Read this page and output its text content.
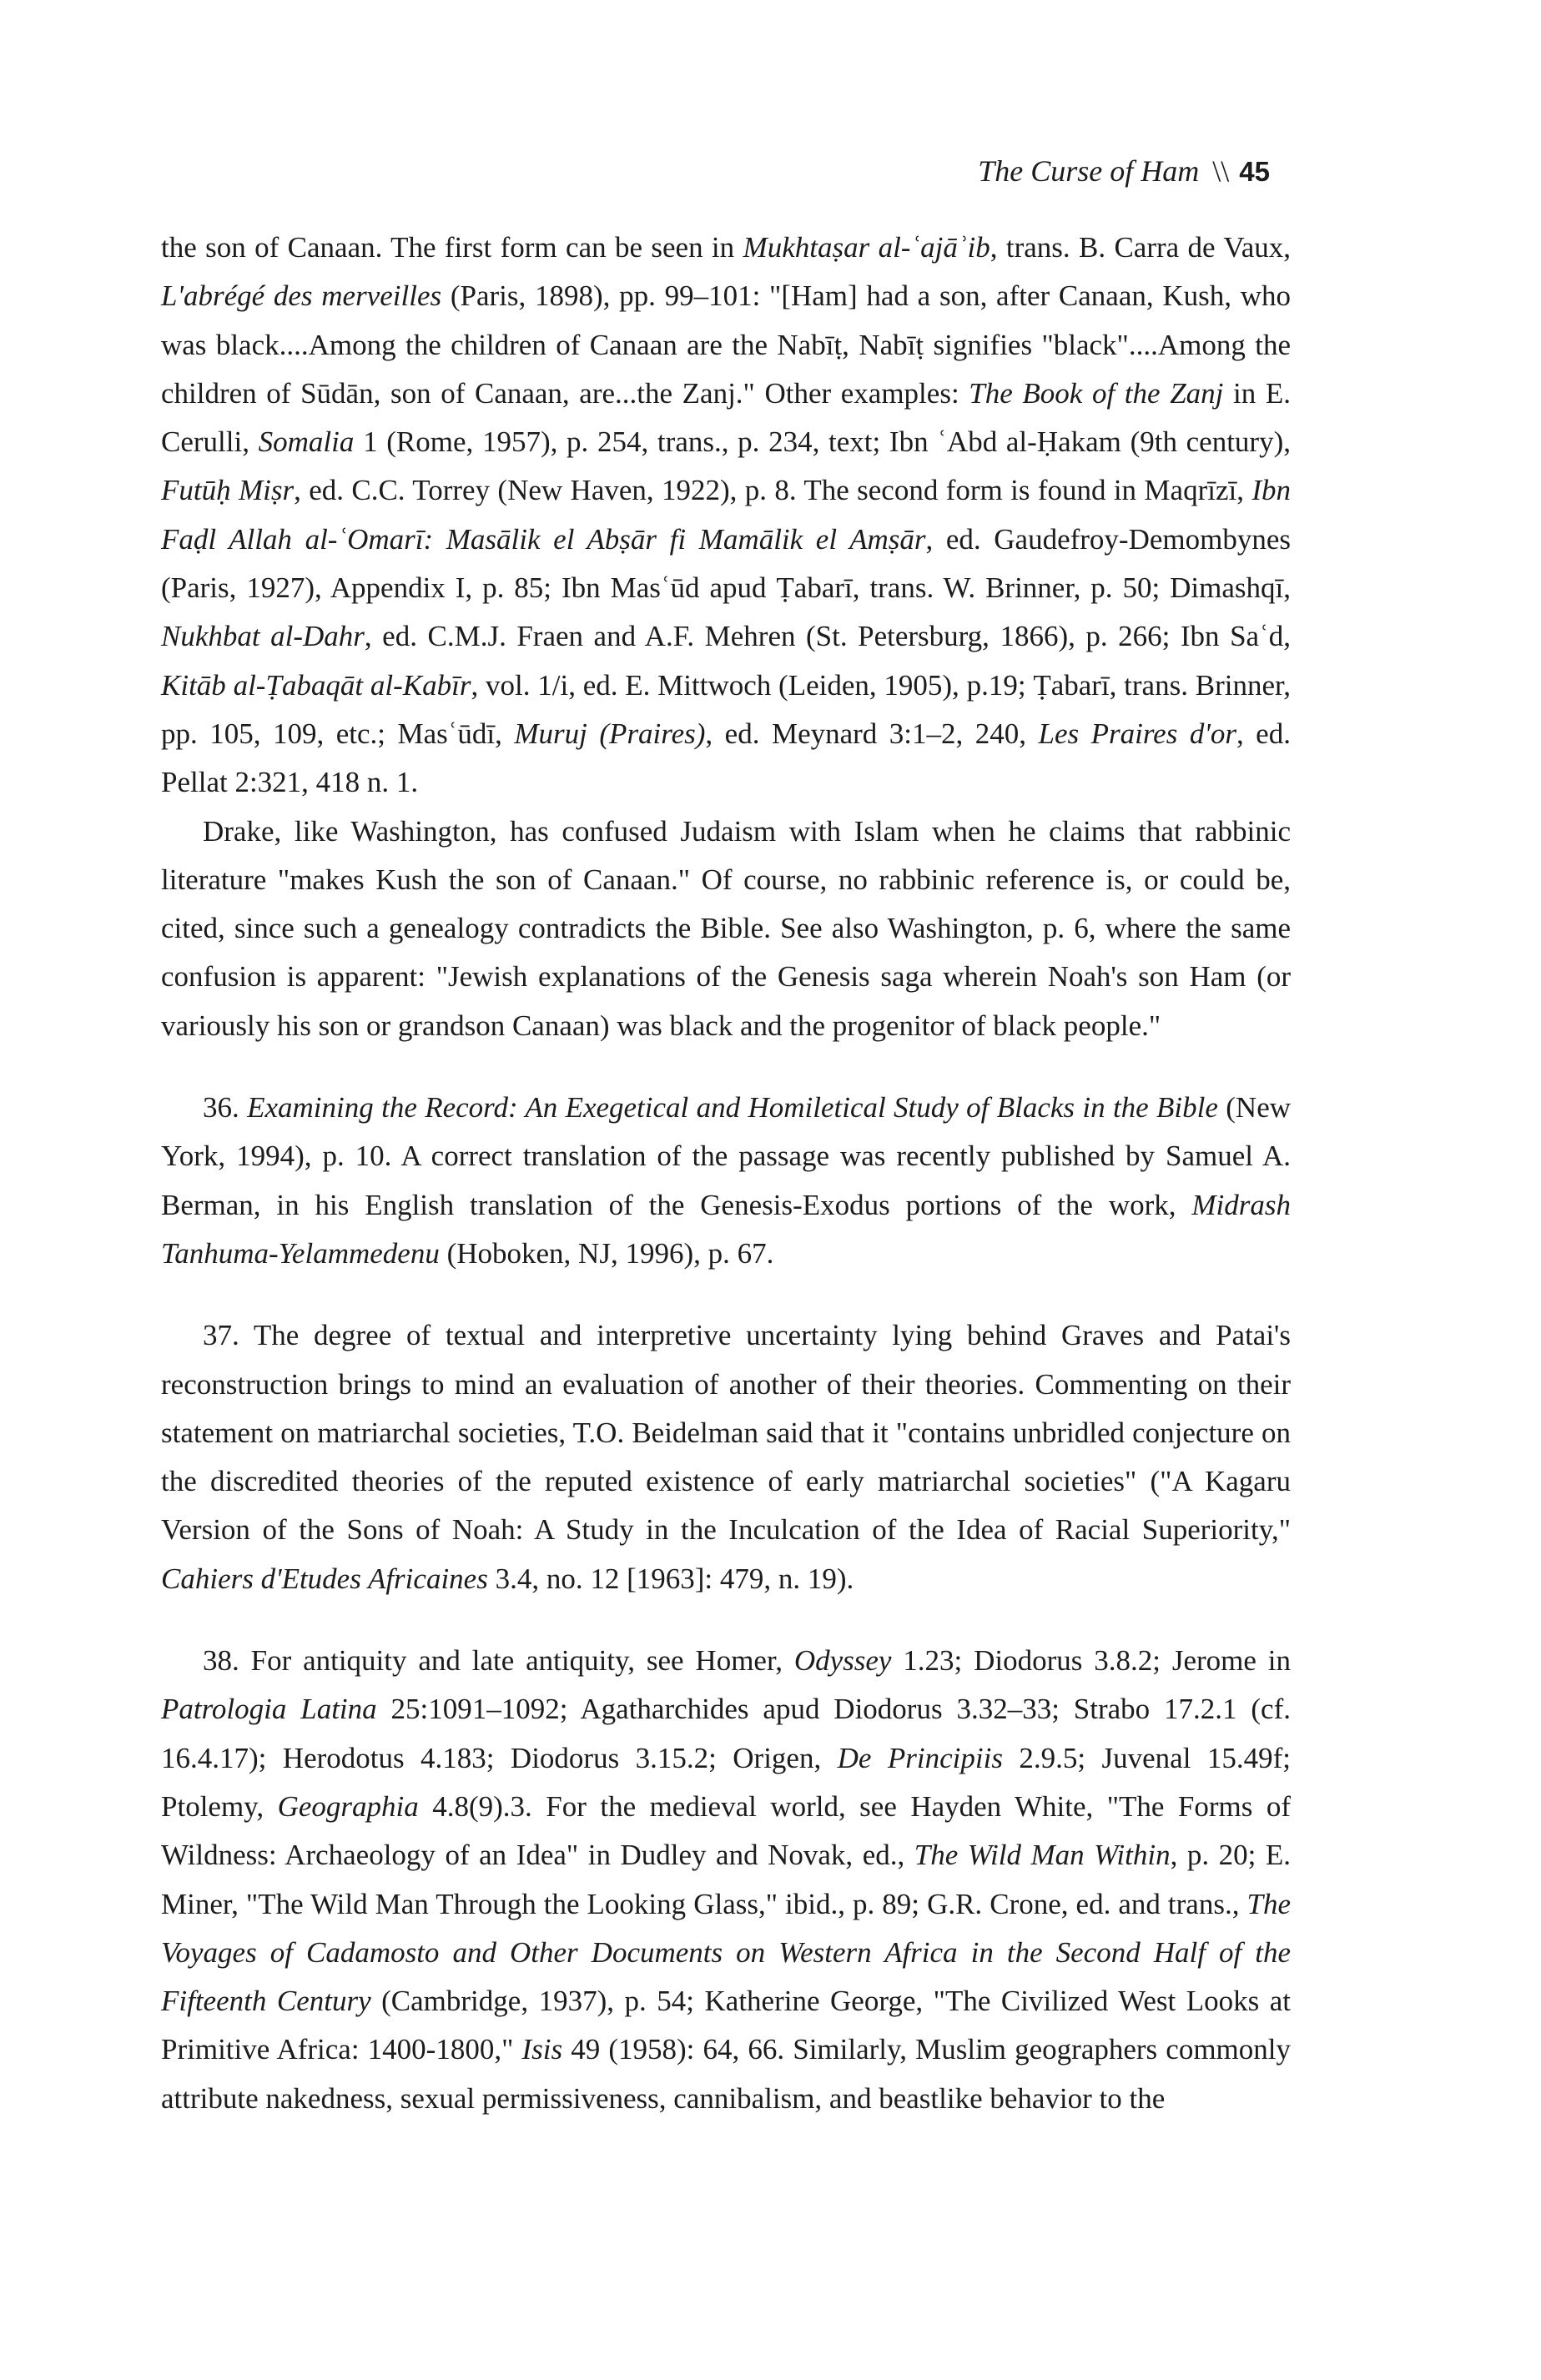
The Curse of Ham \\ 45

the son of Canaan. The first form can be seen in Mukhtaṣar al-ʿajāʾib, trans. B. Carra de Vaux, L'abrégé des merveilles (Paris, 1898), pp. 99–101: "[Ham] had a son, after Canaan, Kush, who was black....Among the children of Canaan are the Nabīṭ, Nabīṭ signifies "black"....Among the children of Sūdān, son of Canaan, are...the Zanj." Other examples: The Book of the Zanj in E. Cerulli, Somalia 1 (Rome, 1957), p. 254, trans., p. 234, text; Ibn ʿAbd al-Ḥakam (9th century), Futūḥ Miṣr, ed. C.C. Torrey (New Haven, 1922), p. 8. The second form is found in Maqrīzī, Ibn Faḍl Allah al-ʿOmarī: Masālik el Abṣār fi Mamālik el Amṣār, ed. Gaudefroy-Demombynes (Paris, 1927), Appendix I, p. 85; Ibn Masʿūd apud Ṭabarī, trans. W. Brinner, p. 50; Dimashqī, Nukhbat al-Dahr, ed. C.M.J. Fraen and A.F. Mehren (St. Petersburg, 1866), p. 266; Ibn Saʿd, Kitāb al-Ṭabaqāt al-Kabīr, vol. 1/i, ed. E. Mittwoch (Leiden, 1905), p.19; Ṭabarī, trans. Brinner, pp. 105, 109, etc.; Masʿūdī, Muruj (Praires), ed. Meynard 3:1–2, 240, Les Praires d'or, ed. Pellat 2:321, 418 n. 1.

Drake, like Washington, has confused Judaism with Islam when he claims that rabbinic literature "makes Kush the son of Canaan." Of course, no rabbinic reference is, or could be, cited, since such a genealogy contradicts the Bible. See also Washington, p. 6, where the same confusion is apparent: "Jewish explanations of the Genesis saga wherein Noah's son Ham (or variously his son or grandson Canaan) was black and the progenitor of black people."

36. Examining the Record: An Exegetical and Homiletical Study of Blacks in the Bible (New York, 1994), p. 10. A correct translation of the passage was recently published by Samuel A. Berman, in his English translation of the Genesis-Exodus portions of the work, Midrash Tanhuma-Yelammedenu (Hoboken, NJ, 1996), p. 67.

37. The degree of textual and interpretive uncertainty lying behind Graves and Patai's reconstruction brings to mind an evaluation of another of their theories. Commenting on their statement on matriarchal societies, T.O. Beidelman said that it "contains unbridled conjecture on the discredited theories of the reputed existence of early matriarchal societies" ("A Kagaru Version of the Sons of Noah: A Study in the Inculcation of the Idea of Racial Superiority," Cahiers d'Etudes Africaines 3.4, no. 12 [1963]: 479, n. 19).

38. For antiquity and late antiquity, see Homer, Odyssey 1.23; Diodorus 3.8.2; Jerome in Patrologia Latina 25:1091–1092; Agatharchides apud Diodorus 3.32–33; Strabo 17.2.1 (cf. 16.4.17); Herodotus 4.183; Diodorus 3.15.2; Origen, De Principiis 2.9.5; Juvenal 15.49f; Ptolemy, Geographia 4.8(9).3. For the medieval world, see Hayden White, "The Forms of Wildness: Archaeology of an Idea" in Dudley and Novak, ed., The Wild Man Within, p. 20; E. Miner, "The Wild Man Through the Looking Glass," ibid., p. 89; G.R. Crone, ed. and trans., The Voyages of Cadamosto and Other Documents on Western Africa in the Second Half of the Fifteenth Century (Cambridge, 1937), p. 54; Katherine George, "The Civilized West Looks at Primitive Africa: 1400-1800," Isis 49 (1958): 64, 66. Similarly, Muslim geographers commonly attribute nakedness, sexual permissiveness, cannibalism, and beastlike behavior to the
